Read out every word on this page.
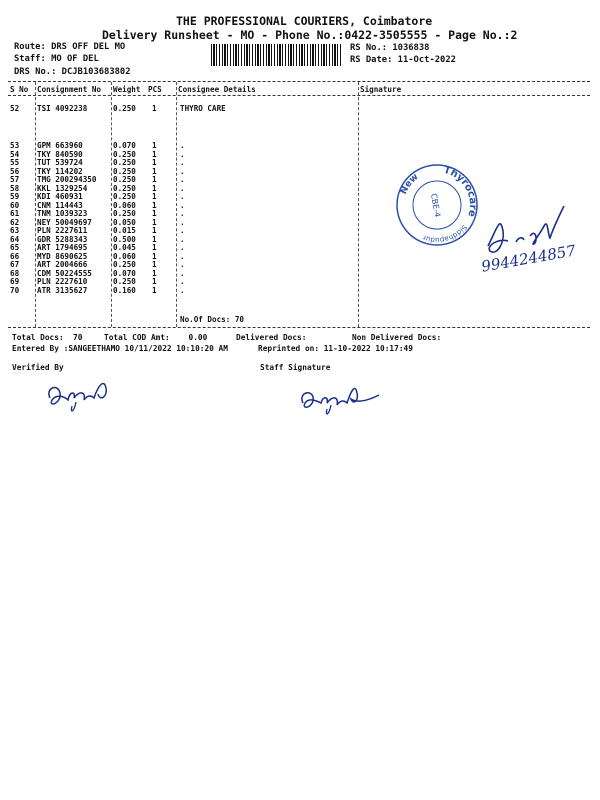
THE PROFESSIONAL COURIERS, Coimbatore
Delivery Runsheet - MO - Phone No.:0422-3505555 - Page No.:2
Route: DRS OFF DEL MO
Staff: MO OF DEL
DRS No.: DCJB103683802
RS No.: 1036838
RS Date: 11-Oct-2022
S No Consignment No Weight PCS Consignee Details	Signature
52 TSI 4092238	0.250 1	THYRO CARE
53 GPM 663960	0.070 1	.
54 TKY 840590	0.250 1	.
55 TUT 539724	0.250 1	.
56 TKY 114202	0.250 1	.
57 TMG 200294350 0.250 1	.
58 KKL 1329254	0.250 1	.
59 KDI 460931	0.250 1	.
60 CNM 114443	0.060 1	.
61 TNM 1039323	0.250 1	.
62 NEY 50049697	0.050 1	.
63 PLN 2227611	0.015 1	.
64 GDR 5288343	0.500 1	.
65 ART 1794695	0.045 1	.
66 MYD 8690625	0.060 1	.
67 ART 2004666	0.250 1	.
68 CDM 50224555	0.070 1	.
69 PLN 2227610	0.250 1	.
70 ATR 3135627	0.160 1	.
No.Of Docs: 70
Total Docs:  70	Total COD Amt:    0.00	Delivered Docs:	Non Delivered Docs:
Entered By :SANGEETHAMO 10/11/2022 10:10:20 AM	Reprinted on: 11-10-2022 10:17:49
Verified By	Staff Signature
New
Thyrocare
Siddhapudur
CBE-4
9944244857
